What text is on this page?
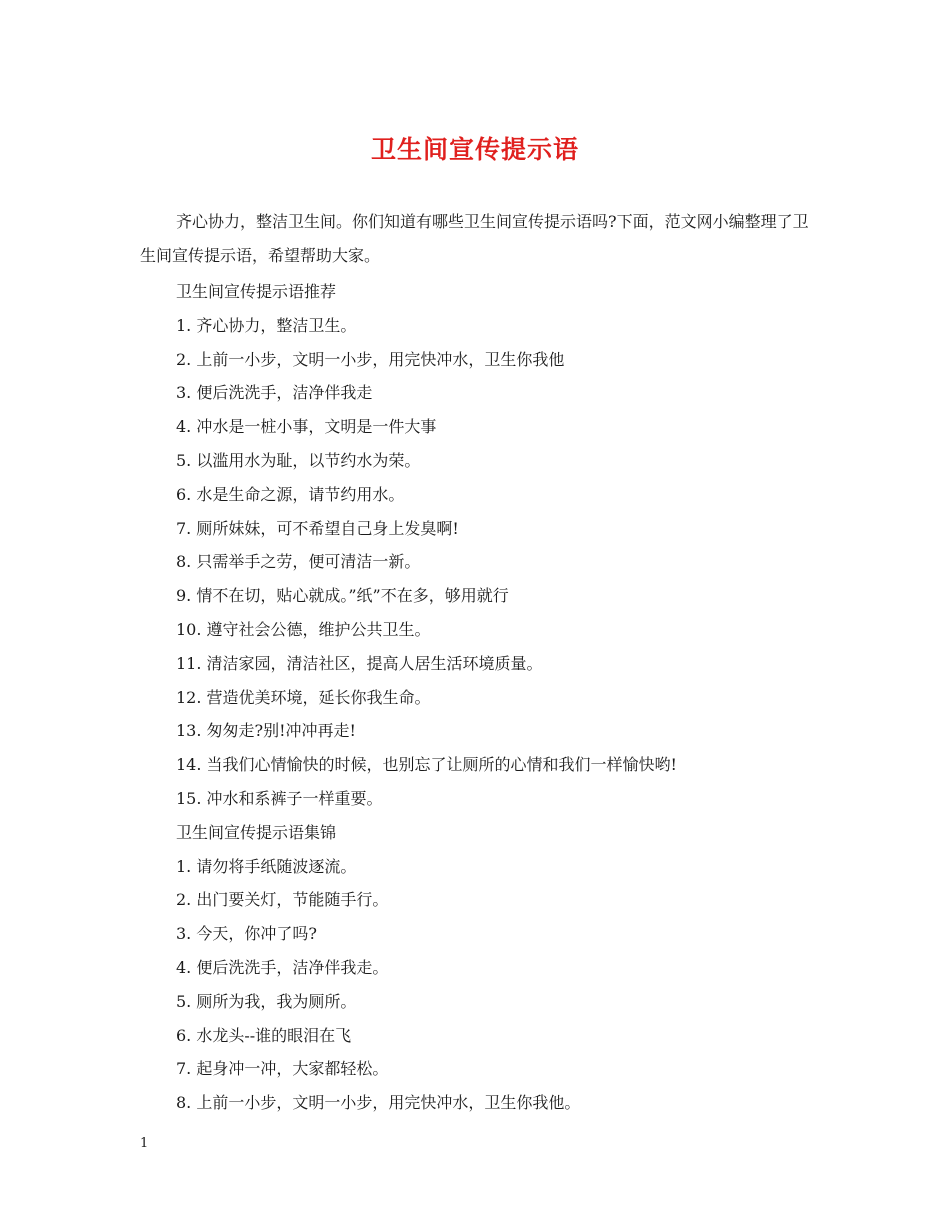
卫生间宣传提示语
齐心协力，整洁卫生间。你们知道有哪些卫生间宣传提示语吗?下面，范文网小编整理了卫生间宣传提示语，希望帮助大家。
卫生间宣传提示语推荐
1. 齐心协力，整洁卫生。
2. 上前一小步，文明一小步，用完快冲水，卫生你我他
3. 便后洗洗手，洁净伴我走
4. 冲水是一桩小事，文明是一件大事
5. 以滥用水为耻，以节约水为荣。
6. 水是生命之源，请节约用水。
7. 厕所妹妹，可不希望自己身上发臭啊!
8. 只需举手之劳，便可清洁一新。
9. 情不在切，贴心就成。”纸”不在多，够用就行
10. 遵守社会公德，维护公共卫生。
11. 清洁家园，清洁社区，提高人居生活环境质量。
12. 营造优美环境，延长你我生命。
13. 匆匆走?别!冲冲再走!
14. 当我们心情愉快的时候，也别忘了让厕所的心情和我们一样愉快哟!
15. 冲水和系裤子一样重要。
卫生间宣传提示语集锦
1. 请勿将手纸随波逐流。
2. 出门要关灯，节能随手行。
3. 今天，你冲了吗?
4. 便后洗洗手，洁净伴我走。
5. 厕所为我，我为厕所。
6. 水龙头--谁的眼泪在飞
7. 起身冲一冲，大家都轻松。
8. 上前一小步，文明一小步，用完快冲水，卫生你我他。
1
